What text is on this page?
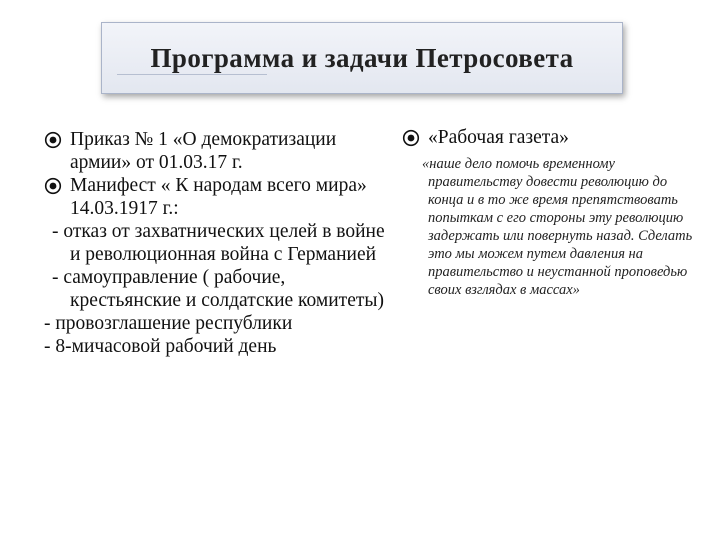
Программа и задачи Петросовета
Приказ № 1 «О демократизации армии» от 01.03.17 г.
Манифест « К народам всего мира» 14.03.1917 г.:
- отказ от захватнических целей в войне и революционная война с Германией
- самоуправление ( рабочие, крестьянские и солдатские комитеты)
- провозглашение республики
- 8-мичасовой рабочий день
«Рабочая газета»
«наше дело помочь временному правительству довести революцию до конца и в то же время препятствовать попыткам с его стороны эту революцию задержать или повернуть назад. Сделать это мы можем путем давления на правительство и неустанной проповедью своих взглядах в массах»
